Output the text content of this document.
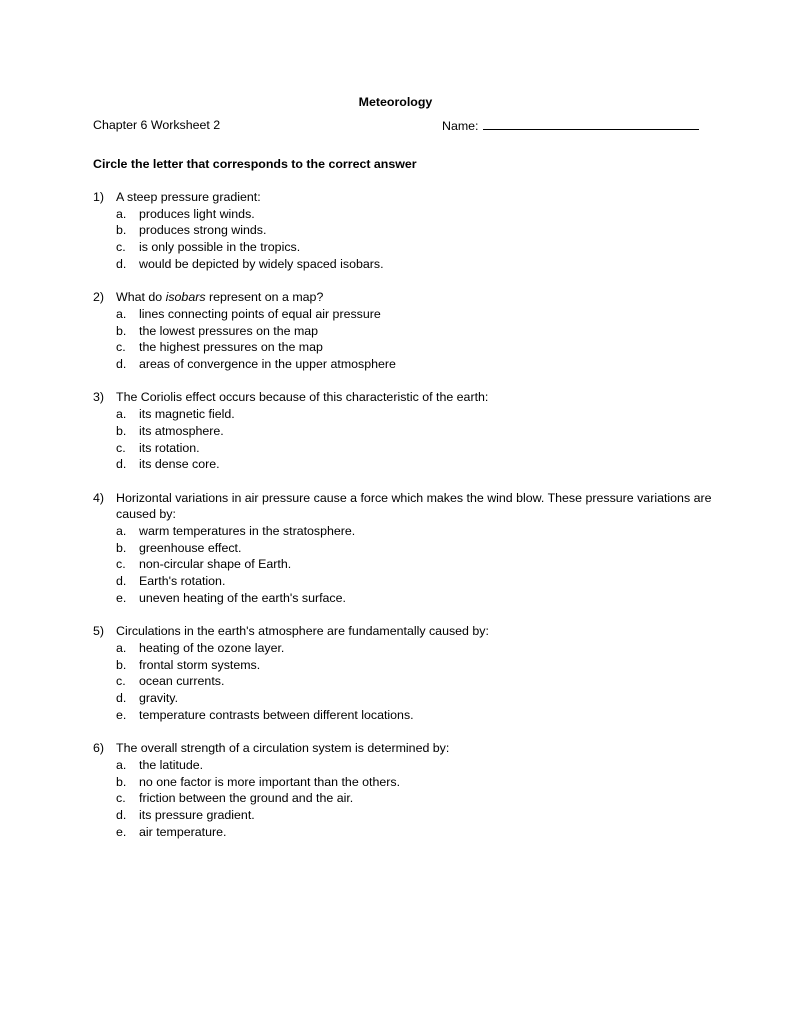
Meteorology
Chapter 6 Worksheet 2	Name:
Circle the letter that corresponds to the correct answer
1) A steep pressure gradient:
a. produces light winds.
b. produces strong winds.
c. is only possible in the tropics.
d. would be depicted by widely spaced isobars.
2) What do isobars represent on a map?
a. lines connecting points of equal air pressure
b. the lowest pressures on the map
c. the highest pressures on the map
d. areas of convergence in the upper atmosphere
3) The Coriolis effect occurs because of this characteristic of the earth:
a. its magnetic field.
b. its atmosphere.
c. its rotation.
d. its dense core.
4) Horizontal variations in air pressure cause a force which makes the wind blow. These pressure variations are caused by:
a. warm temperatures in the stratosphere.
b. greenhouse effect.
c. non-circular shape of Earth.
d. Earth's rotation.
e. uneven heating of the earth's surface.
5) Circulations in the earth's atmosphere are fundamentally caused by:
a. heating of the ozone layer.
b. frontal storm systems.
c. ocean currents.
d. gravity.
e. temperature contrasts between different locations.
6) The overall strength of a circulation system is determined by:
a. the latitude.
b. no one factor is more important than the others.
c. friction between the ground and the air.
d. its pressure gradient.
e. air temperature.
